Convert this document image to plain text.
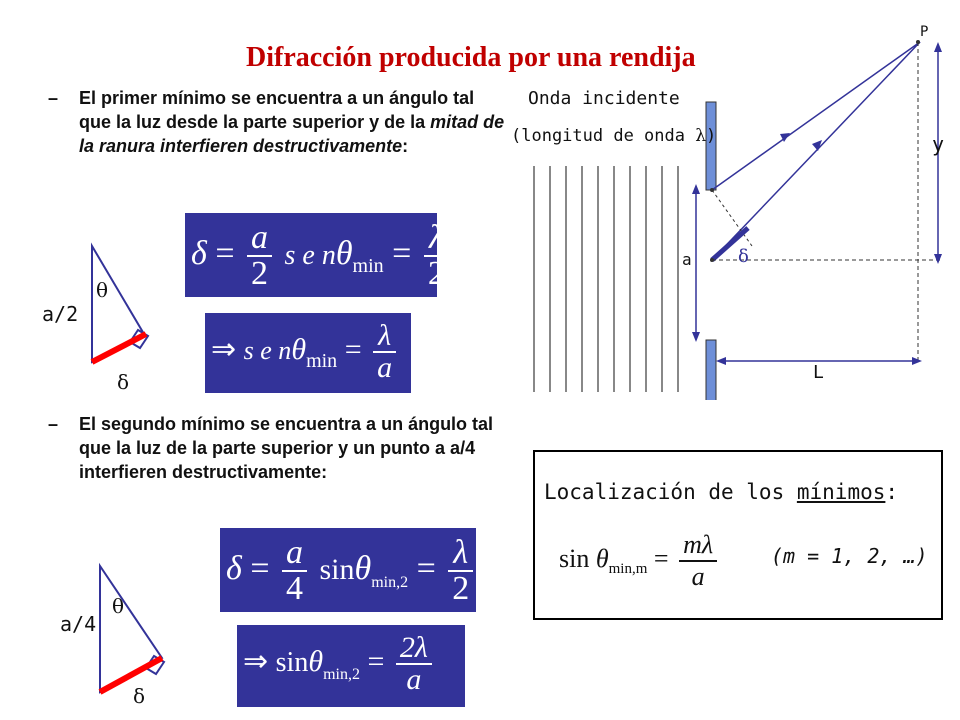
Difracción producida por una rendija
– El primer mínimo se encuentra a un ángulo tal que la luz desde la parte superior y de la mitad de la ranura interfieren destructivamente:
a/2
θ
δ
$\delta = \frac{a}{2}$ s e $n\theta_{min} = \frac{\lambda}{2}$
⇒ s e $n\theta_{min} = \frac{\lambda}{a}$
– El segundo mínimo se encuentra a un ángulo tal que la luz de la parte superior y un punto a a/4 interfieren destructivamente:
$\delta = \frac{a}{4} \sin\theta_{min,2} = \frac{\lambda}{2}$
⇒ $\sin\theta_{min,2} = \frac{2\lambda}{a}$
a/4
θ
δ
Onda incidente
(longitud de onda λ)
P
y
a	δ
L
Localización de los mínimos:
$\sin \theta_{min,m} = \frac{m\lambda}{a}$	(m = 1, 2, …)
